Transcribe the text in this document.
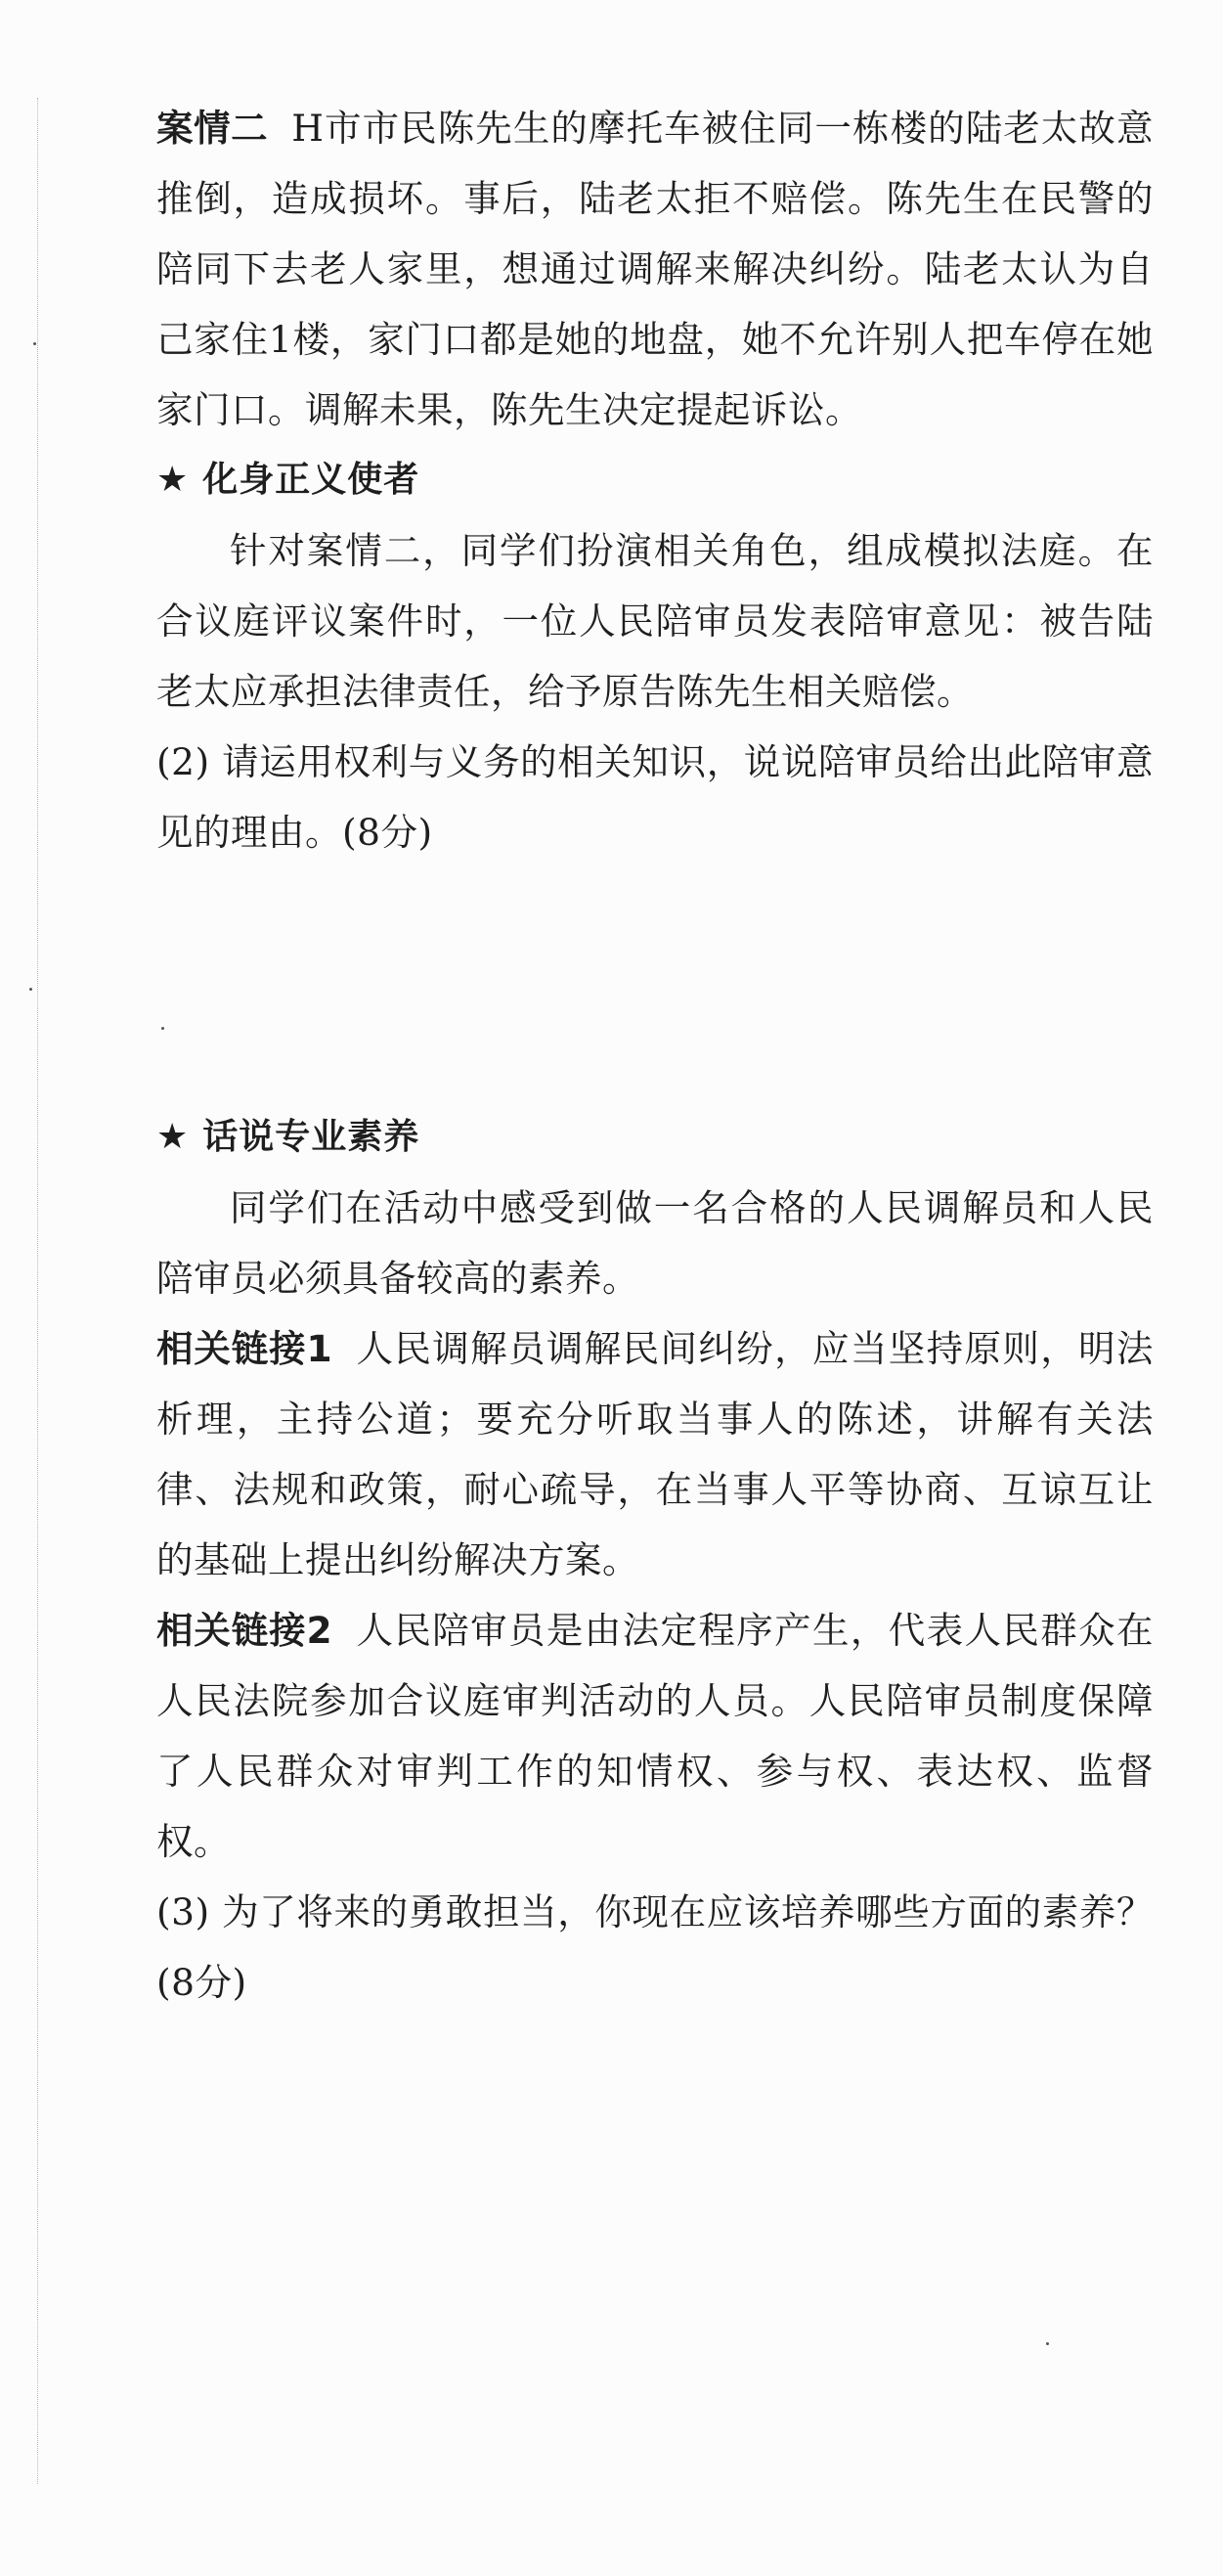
案情二 H市市民陈先生的摩托车被住同一栋楼的陆老太故意推倒，造成损坏。事后，陆老太拒不赔偿。陈先生在民警的陪同下去老人家里，想通过调解来解决纠纷。陆老太认为自己家住1楼，家门口都是她的地盘，她不允许别人把车停在她家门口。调解未果，陈先生决定提起诉讼。

★ 化身正义使者

针对案情二，同学们扮演相关角色，组成模拟法庭。在合议庭评议案件时，一位人民陪审员发表陪审意见：被告陆老太应承担法律责任，给予原告陈先生相关赔偿。

(2) 请运用权利与义务的相关知识，说说陪审员给出此陪审意见的理由。(8分)

★ 话说专业素养

同学们在活动中感受到做一名合格的人民调解员和人民陪审员必须具备较高的素养。

相关链接1 人民调解员调解民间纠纷，应当坚持原则，明法析理，主持公道；要充分听取当事人的陈述，讲解有关法律、法规和政策，耐心疏导，在当事人平等协商、互谅互让的基础上提出纠纷解决方案。

相关链接2 人民陪审员是由法定程序产生，代表人民群众在人民法院参加合议庭审判活动的人员。人民陪审员制度保障了人民群众对审判工作的知情权、参与权、表达权、监督权。

(3) 为了将来的勇敢担当，你现在应该培养哪些方面的素养？(8分)
